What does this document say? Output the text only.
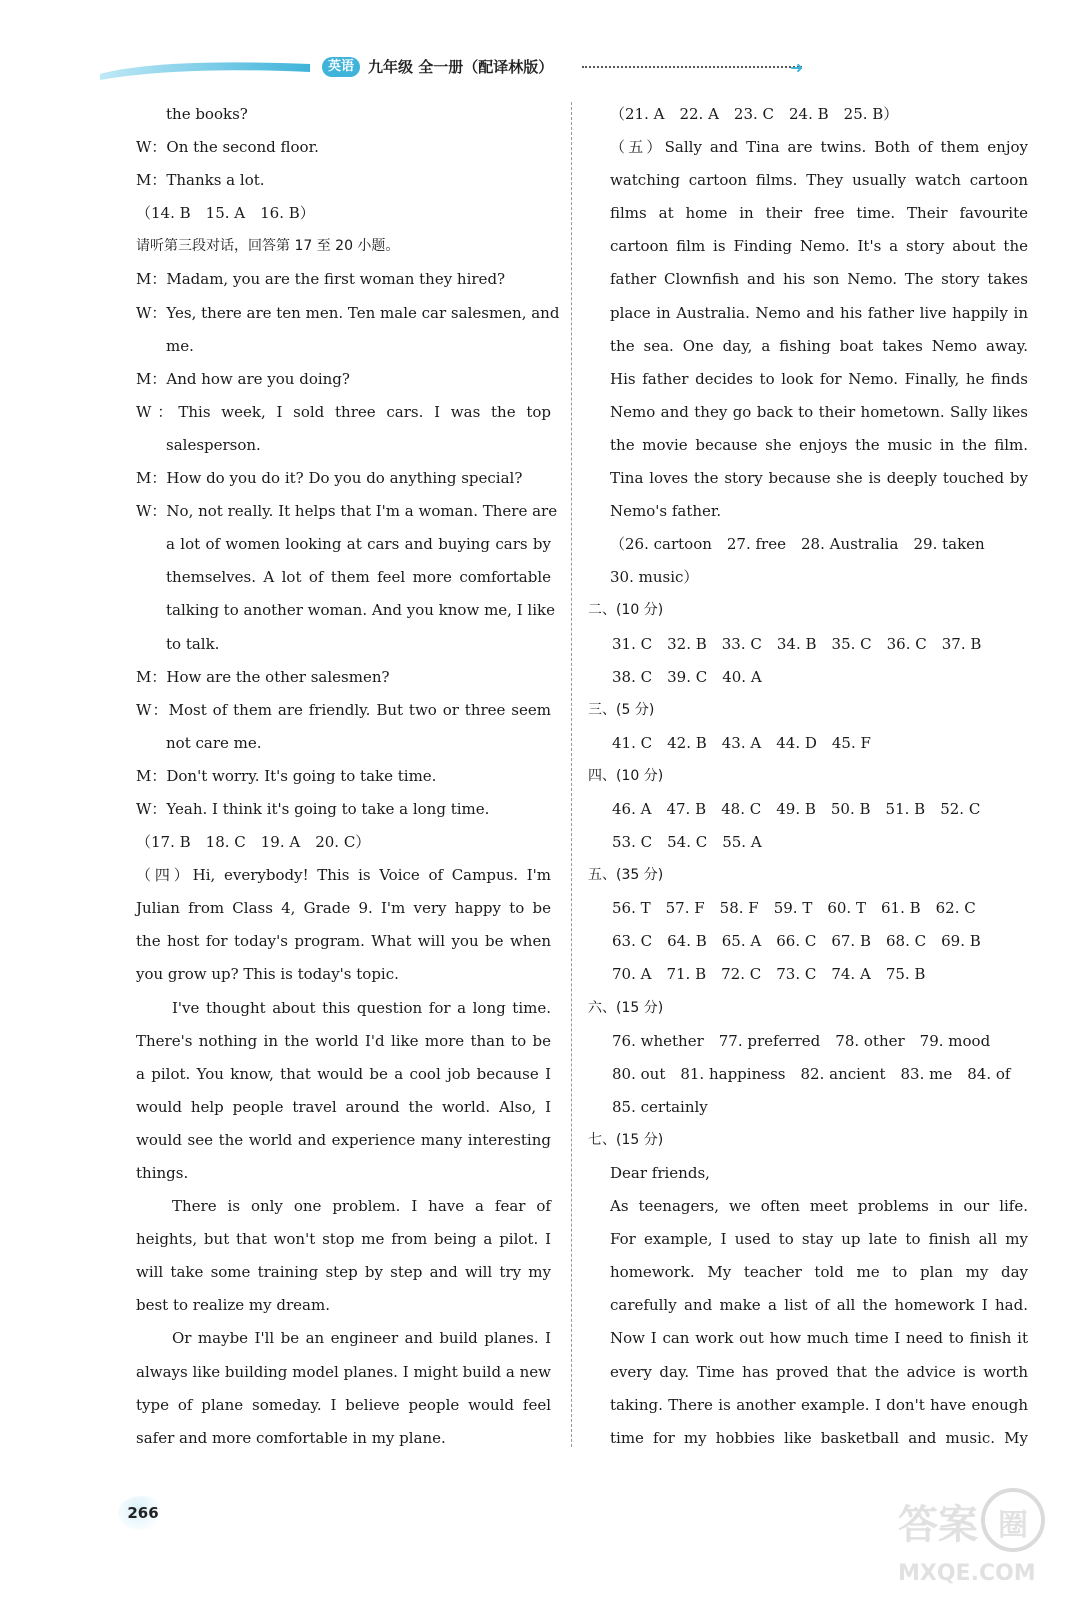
英语 九年级 全一册（配译林版）	➜
the books?
W：On the second floor.
M：Thanks a lot.
（14. B　15. A　16. B）
请听第三段对话，回答第 17 至 20 小题。
M：Madam, you are the first woman they hired?
W：Yes, there are ten men. Ten male car salesmen, and
me.
M：And how are you doing?
W：This week, I sold three cars. I was the top
salesperson.
M：How do you do it? Do you do anything special?
W：No, not really. It helps that I'm a woman. There are
a lot of women looking at cars and buying cars by
themselves. A lot of them feel more comfortable
talking to another woman. And you know me, I like
to talk.
M：How are the other salesmen?
W：Most of them are friendly. But two or three seem
not care me.
M：Don't worry. It's going to take time.
W：Yeah. I think it's going to take a long time.
（17. B　18. C　19. A　20. C）
（四）Hi, everybody! This is Voice of Campus. I'm
Julian from Class 4, Grade 9. I'm very happy to be
the host for today's program. What will you be when
you grow up? This is today's topic.
I've thought about this question for a long time.
There's nothing in the world I'd like more than to be
a pilot. You know, that would be a cool job because I
would help people travel around the world. Also, I
would see the world and experience many interesting
things.
There is only one problem. I have a fear of
heights, but that won't stop me from being a pilot. I
will take some training step by step and will try my
best to realize my dream.
Or maybe I'll be an engineer and build planes. I
always like building model planes. I might build a new
type of plane someday. I believe people would feel
safer and more comfortable in my plane.
（21. A　22. A　23. C　24. B　25. B）
（五）Sally and Tina are twins. Both of them enjoy
watching cartoon films. They usually watch cartoon
films at home in their free time. Their favourite
cartoon film is Finding Nemo. It's a story about the
father Clownfish and his son Nemo. The story takes
place in Australia. Nemo and his father live happily in
the sea. One day, a fishing boat takes Nemo away.
His father decides to look for Nemo. Finally, he finds
Nemo and they go back to their hometown. Sally likes
the movie because she enjoys the music in the film.
Tina loves the story because she is deeply touched by
Nemo's father.
（26. cartoon　27. free　28. Australia　29. taken
30. music）
二、(10 分)
31. C 32. B 33. C 34. B 35. C 36. C 37. B
38. C 39. C 40. A
三、(5 分)
41. C 42. B 43. A 44. D 45. F
四、(10 分)
46. A 47. B 48. C 49. B 50. B 51. B 52. C
53. C 54. C 55. A
五、(35 分)
56. T 57. F 58. F 59. T 60. T 61. B 62. C
63. C 64. B 65. A 66. C 67. B 68. C 69. B
70. A 71. B 72. C 73. C 74. A 75. B
六、(15 分)
76. whether 77. preferred 78. other 79. mood
80. out 81. happiness 82. ancient 83. me 84. of
85. certainly
七、(15 分)
Dear friends,
As teenagers, we often meet problems in our life.
For example, I used to stay up late to finish all my
homework. My teacher told me to plan my day
carefully and make a list of all the homework I had.
Now I can work out how much time I need to finish it
every day. Time has proved that the advice is worth
taking. There is another example. I don't have enough
time for my hobbies like basketball and music. My
266	答案 圈
MXQE.COM
